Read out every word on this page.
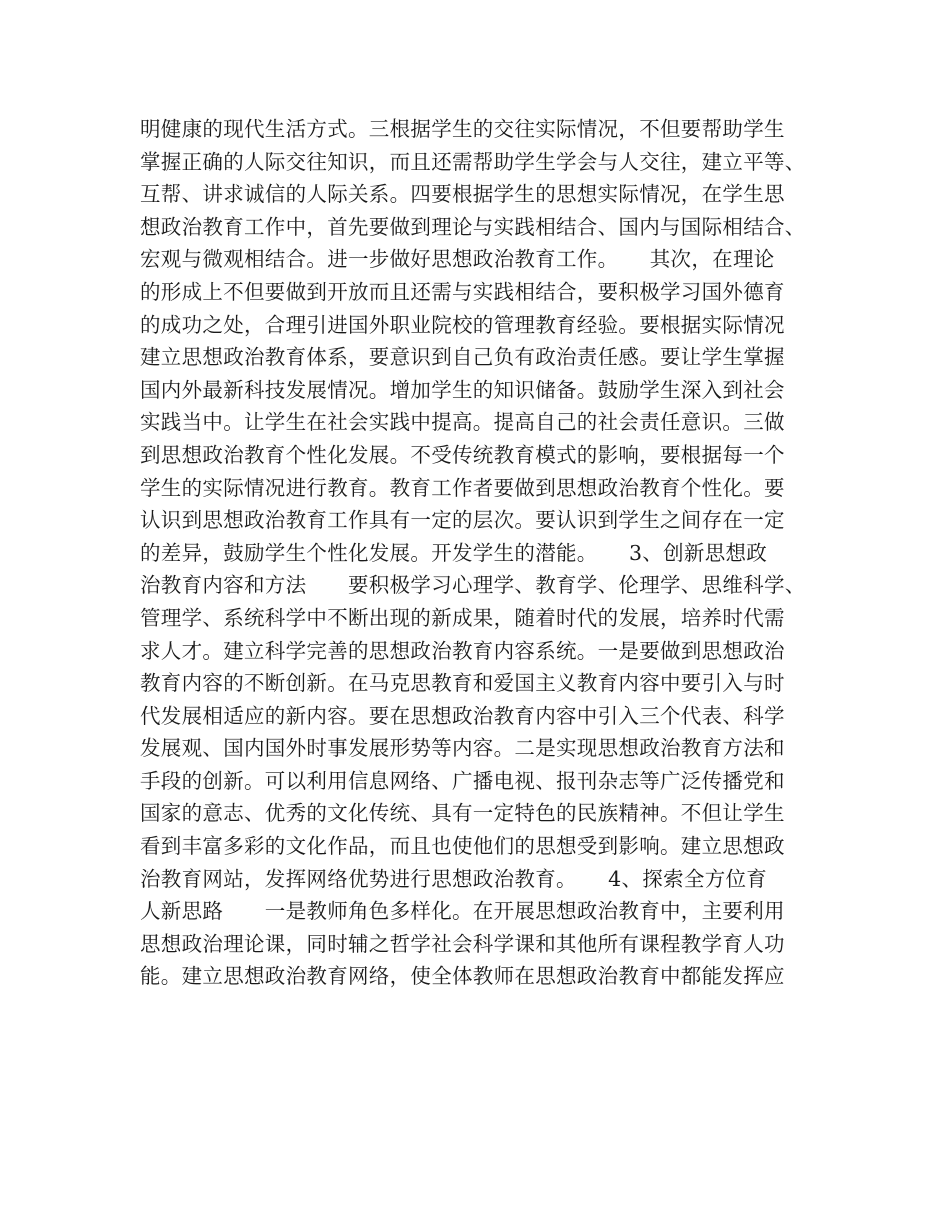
明健康的现代生活方式。三根据学生的交往实际情况，不但要帮助学生
掌握正确的人际交往知识，而且还需帮助学生学会与人交往，建立平等、
互帮、讲求诚信的人际关系。四要根据学生的思想实际情况，在学生思
想政治教育工作中，首先要做到理论与实践相结合、国内与国际相结合、
宏观与微观相结合。进一步做好思想政治教育工作。　　其次，在理论
的形成上不但要做到开放而且还需与实践相结合，要积极学习国外德育
的成功之处，合理引进国外职业院校的管理教育经验。要根据实际情况
建立思想政治教育体系，要意识到自己负有政治责任感。要让学生掌握
国内外最新科技发展情况。增加学生的知识储备。鼓励学生深入到社会
实践当中。让学生在社会实践中提高。提高自己的社会责任意识。三做
到思想政治教育个性化发展。不受传统教育模式的影响，要根据每一个
学生的实际情况进行教育。教育工作者要做到思想政治教育个性化。要
认识到思想政治教育工作具有一定的层次。要认识到学生之间存在一定
的差异，鼓励学生个性化发展。开发学生的潜能。　　3、创新思想政
治教育内容和方法　　要积极学习心理学、教育学、伦理学、思维科学、
管理学、系统科学中不断出现的新成果，随着时代的发展，培养时代需
求人才。建立科学完善的思想政治教育内容系统。一是要做到思想政治
教育内容的不断创新。在马克思教育和爱国主义教育内容中要引入与时
代发展相适应的新内容。要在思想政治教育内容中引入三个代表、科学
发展观、国内国外时事发展形势等内容。二是实现思想政治教育方法和
手段的创新。可以利用信息网络、广播电视、报刊杂志等广泛传播党和
国家的意志、优秀的文化传统、具有一定特色的民族精神。不但让学生
看到丰富多彩的文化作品，而且也使他们的思想受到影响。建立思想政
治教育网站，发挥网络优势进行思想政治教育。　　4、探索全方位育
人新思路　　一是教师角色多样化。在开展思想政治教育中，主要利用
思想政治理论课，同时辅之哲学社会科学课和其他所有课程教学育人功
能。建立思想政治教育网络，使全体教师在思想政治教育中都能发挥应
